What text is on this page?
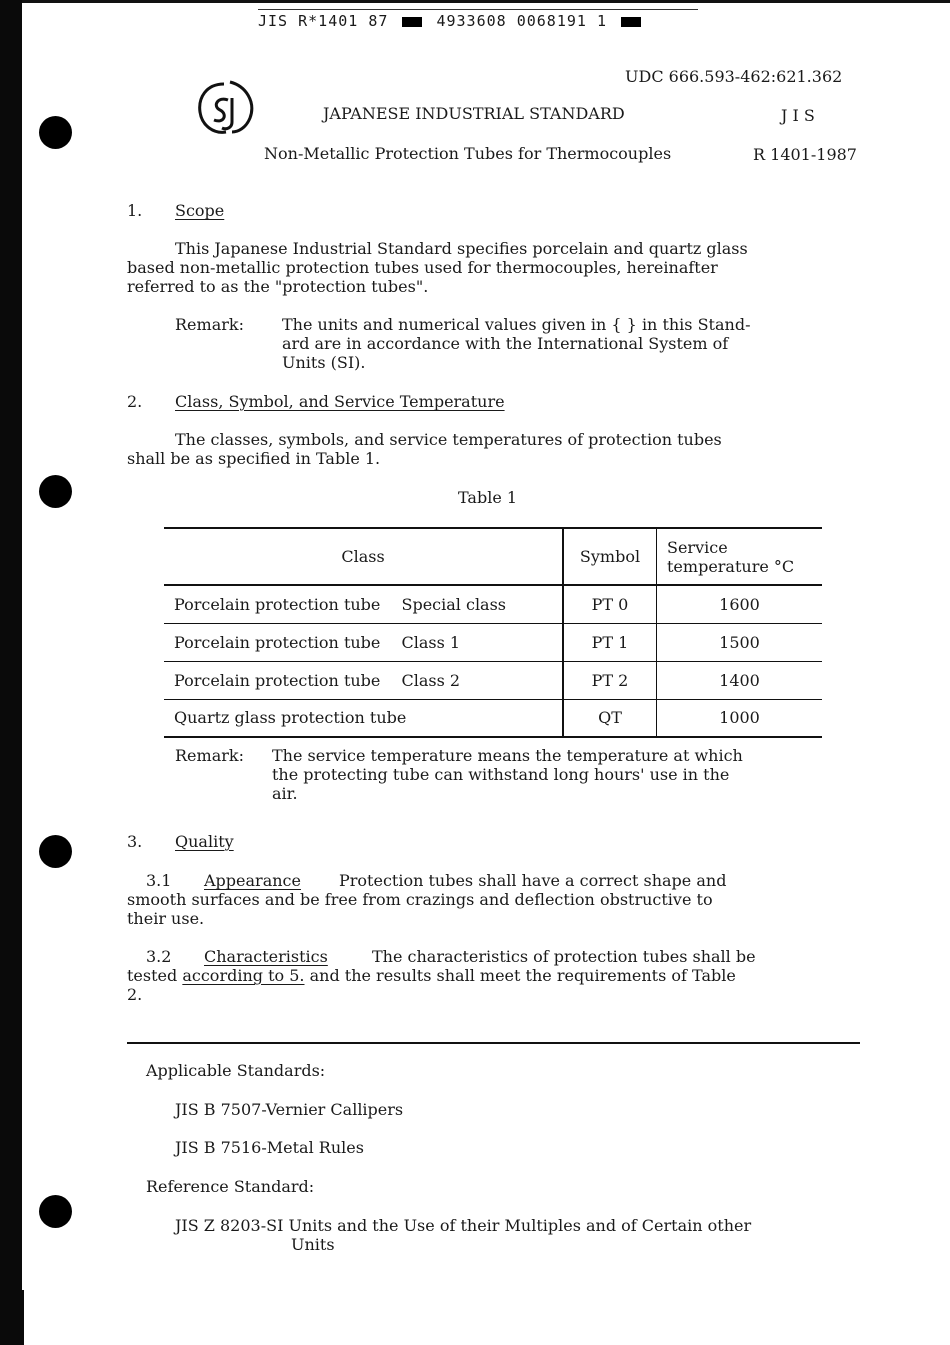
JIS R*1401 87	4933608 0068191 1
UDC 666.593-462:621.362
JAPANESE INDUSTRIAL STANDARD	J I S
Non-Metallic Protection Tubes for Thermocouples	R 1401-1987
1. Scope
This Japanese Industrial Standard specifies porcelain and quartz glass
based non-metallic protection tubes used for thermocouples, hereinafter
referred to as the "protection tubes".
Remark: The units and numerical values given in { } in this Stand-
ard are in accordance with the International System of
Units (SI).
2. Class, Symbol, and Service Temperature
The classes, symbols, and service temperatures of protection tubes
shall be as specified in Table 1.
Table 1
Class	Symbol	Service
temperature °C
Porcelain protection tube Special class	PT 0	1600
Porcelain protection tube Class 1	PT 1	1500
Porcelain protection tube Class 2	PT 2	1400
Quartz glass protection tube	QT	1000
Remark: The service temperature means the temperature at which
the protecting tube can withstand long hours' use in the
air.
3. Quality
3.1 Appearance Protection tubes shall have a correct shape and
smooth surfaces and be free from crazings and deflection obstructive to
their use.
3.2 Characteristics	The characteristics of protection tubes shall be
tested according to 5. and the results shall meet the requirements of Table
2.
Applicable Standards:
JIS B 7507-Vernier Callipers
JIS B 7516-Metal Rules
Reference Standard:
JIS Z 8203-SI Units and the Use of their Multiples and of Certain other
Units
